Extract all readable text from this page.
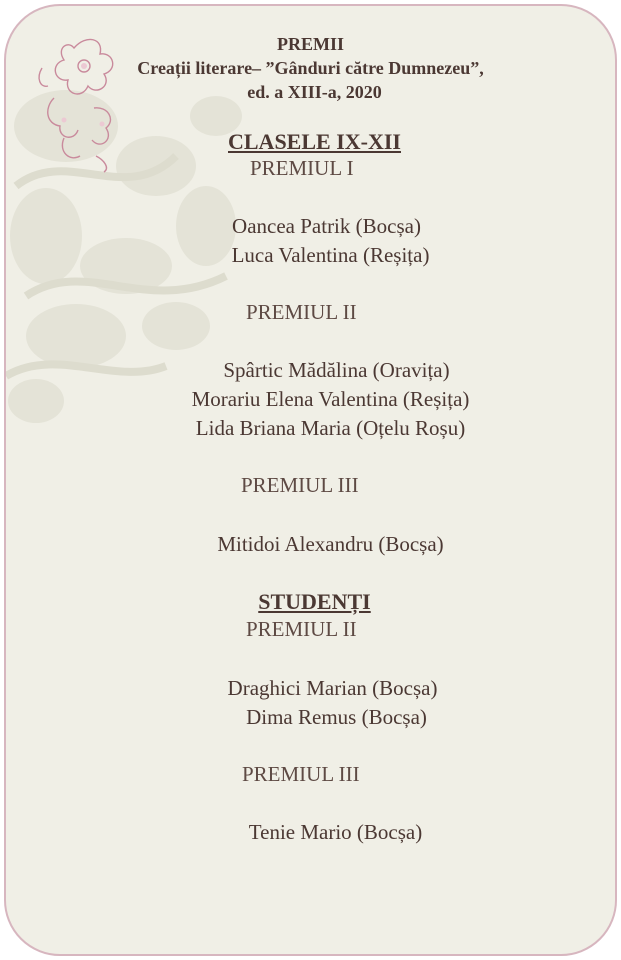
PREMII
Creații literare– ”Gânduri către Dumnezeu”,
ed. a XIII-a, 2020
CLASELE IX-XII
PREMIUL I
Oancea Patrik (Bocșa)
Luca Valentina (Reșița)
PREMIUL II
Spârtic Mădălina (Oravița)
Morariu Elena Valentina (Reșița)
Lida Briana Maria (Oțelu Roșu)
PREMIUL III
Mitidoi Alexandru (Bocșa)
STUDENȚI
PREMIUL II
Draghici Marian (Bocșa)
Dima Remus (Bocșa)
PREMIUL III
Tenie Mario (Bocșa)
